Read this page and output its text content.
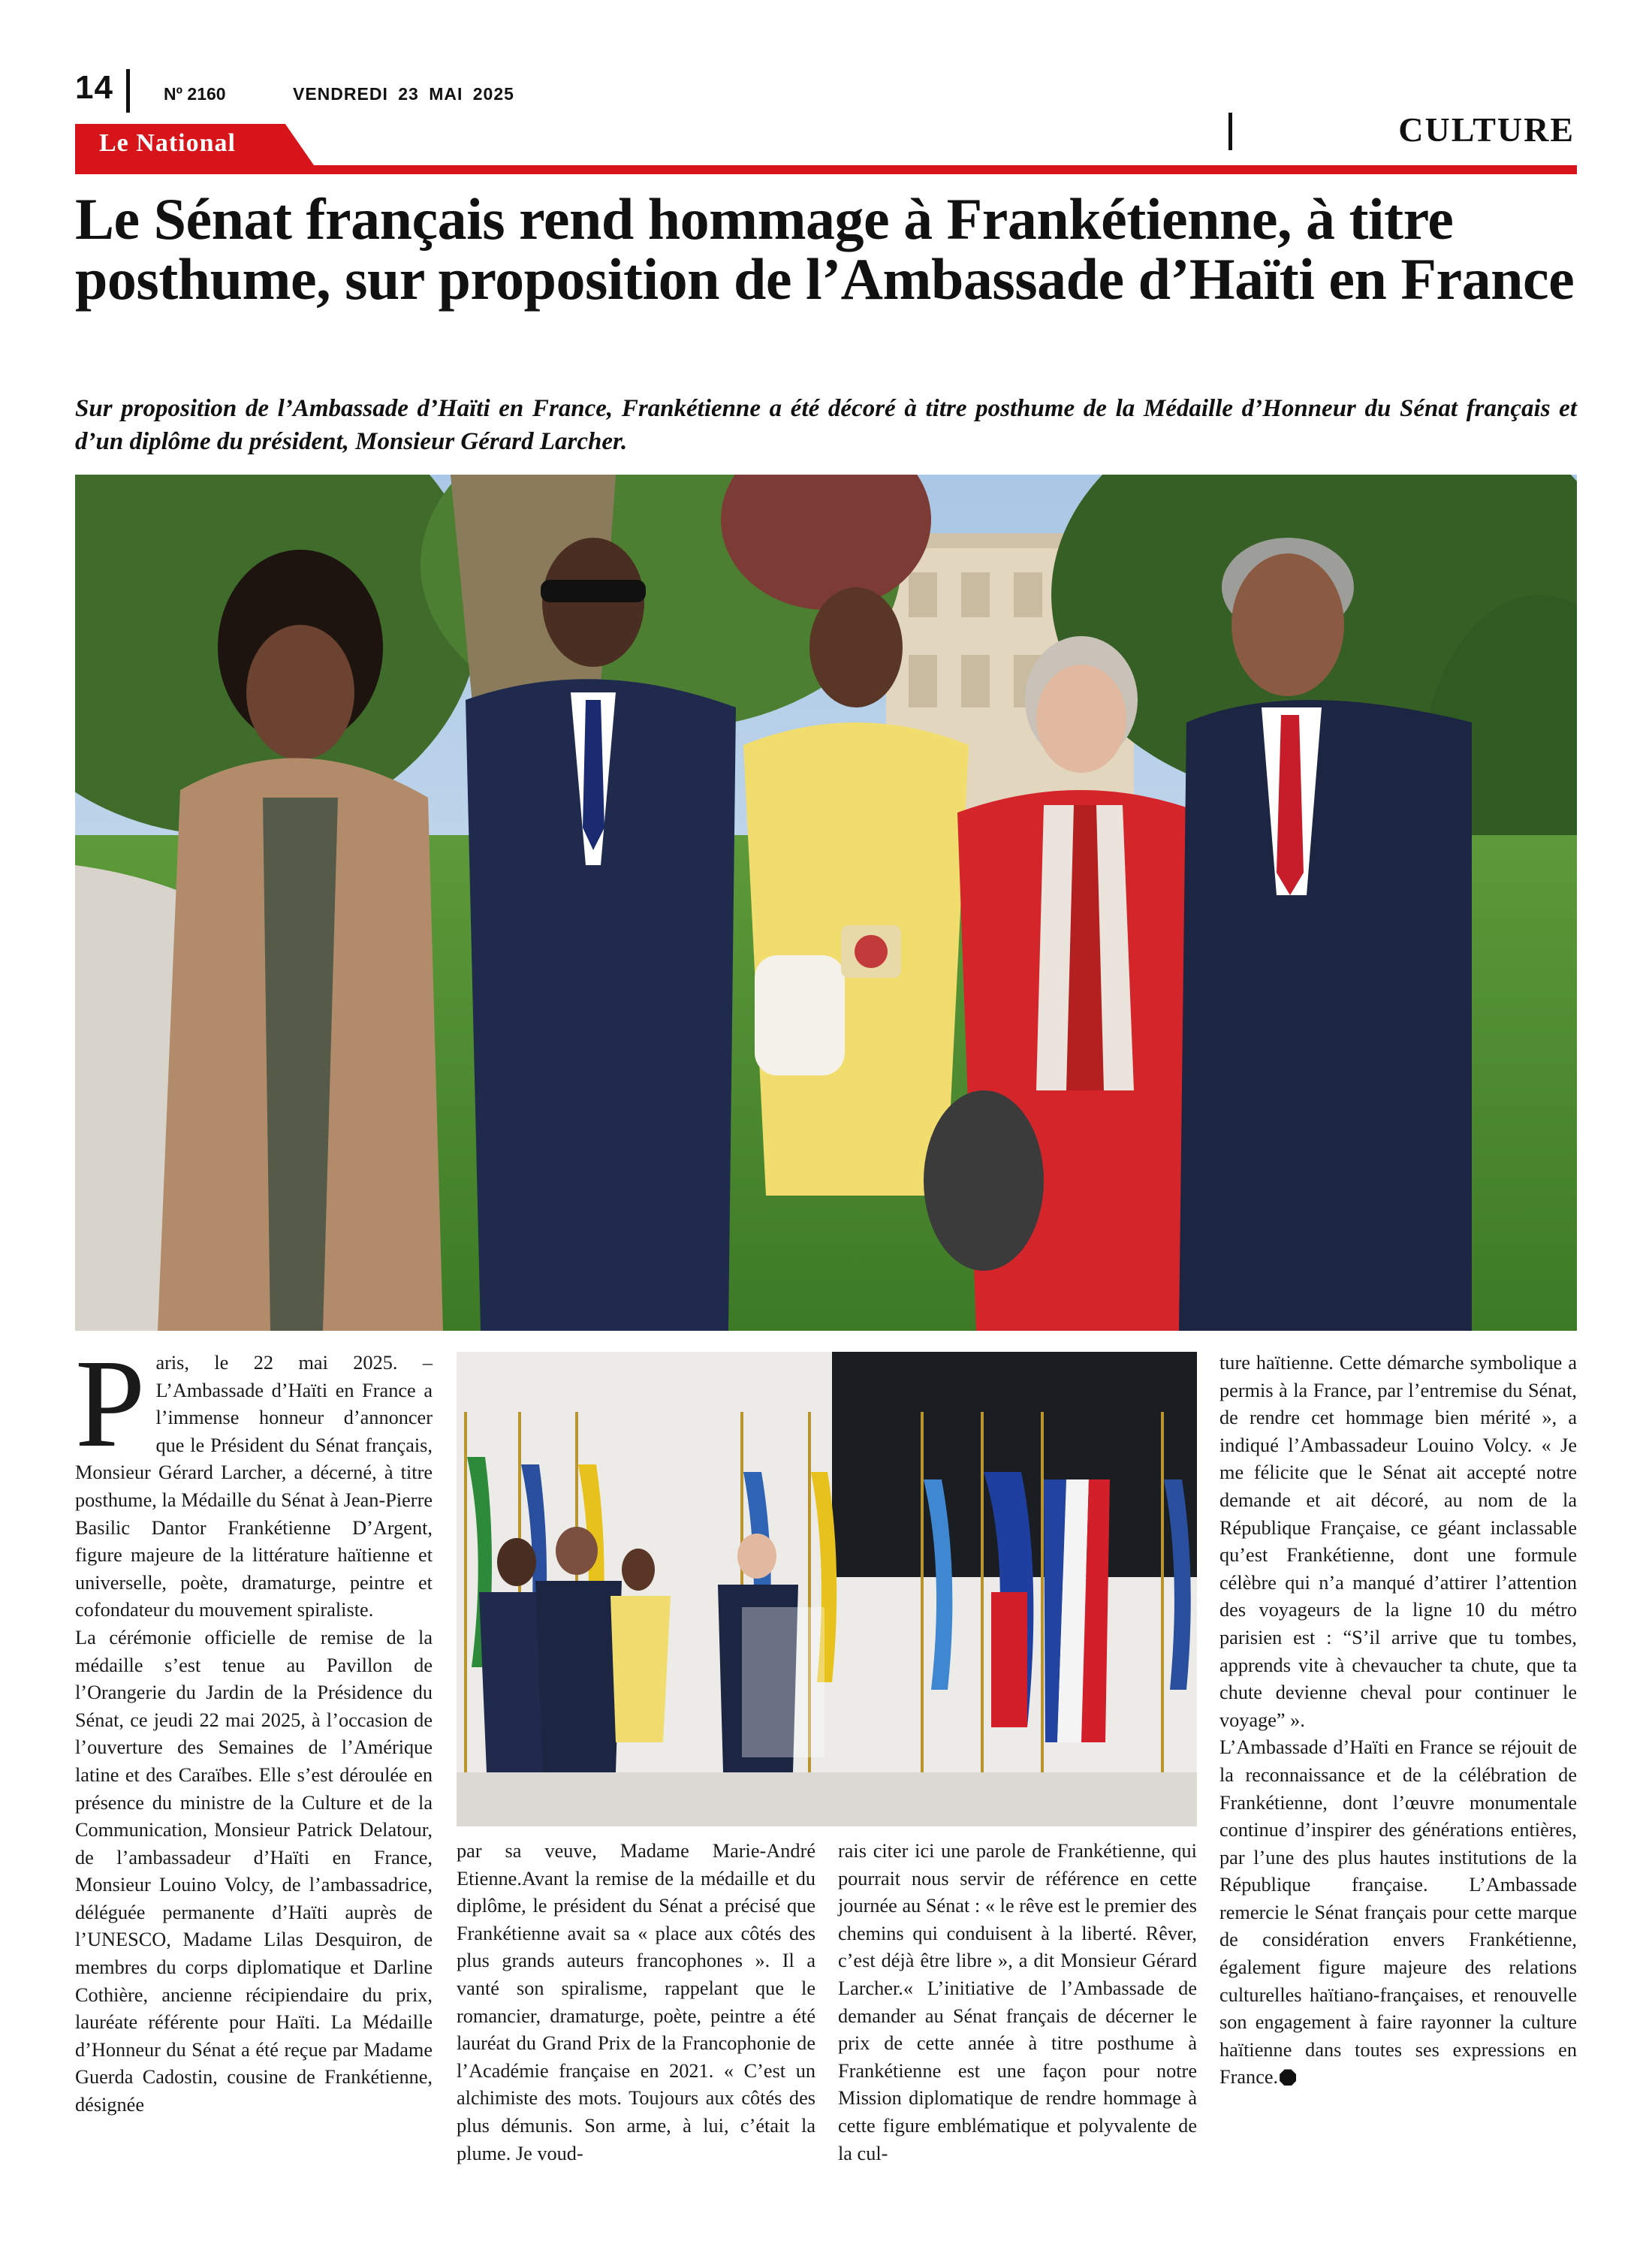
14	Nº 2160	VENDREDI 23 MAI 2025
CULTURE
Le National
Le Sénat français rend hommage à Frankétienne, à titre posthume, sur proposition de l’Ambassade d’Haïti en France
Sur proposition de l’Ambassade d’Haïti en France, Frankétienne a été décoré à titre posthume de la Médaille d’Honneur du Sénat français et d’un diplôme du président, Monsieur Gérard Larcher.

Paris, le 22 mai 2025. – L’Ambassade d’Haïti en France a l’immense honneur d’annoncer que le Président du Sénat français, Monsieur Gérard Larcher, a décerné, à titre posthume, la Médaille du Sénat à Jean-Pierre Basilic Dantor Frankétienne D’Argent, figure majeure de la littérature haïtienne et universelle, poète, dramaturge, peintre et cofondateur du mouvement spiraliste.

La cérémonie officielle de remise de la médaille s’est tenue au Pavillon de l’Orangerie du Jardin de la Présidence du Sénat, ce jeudi 22 mai 2025, à l’occasion de l’ouverture des Semaines de l’Amérique latine et des Caraïbes. Elle s’est déroulée en présence du ministre de la Culture et de la Communication, Monsieur Patrick Delatour, de l’ambassadeur d’Haïti en France, Monsieur Louino Volcy, de l’ambassadrice, déléguée permanente d’Haïti auprès de l’UNESCO, Madame Lilas Desquiron, de membres du corps diplomatique et Darline Cothière, ancienne récipiendaire du prix, lauréate référente pour Haïti. La Médaille d’Honneur du Sénat a été reçue par Madame Guerda Cadostin, cousine de Frankétienne, désignée

par sa veuve, Madame Marie-André Etienne.Avant la remise de la médaille et du diplôme, le président du Sénat a précisé que Frankétienne avait sa « place aux côtés des plus grands auteurs francophones ». Il a vanté son spiralisme, rappelant que le romancier, dramaturge, poète, peintre a été lauréat du Grand Prix de la Francophonie de l’Académie française en 2021. « C’est un alchimiste des mots. Toujours aux côtés des plus démunis. Son arme, à lui, c’était la plume. Je voud-

rais citer ici une parole de Frankétienne, qui pourrait nous servir de référence en cette journée au Sénat : « le rêve est le premier des chemins qui conduisent à la liberté. Rêver, c’est déjà être libre », a dit Monsieur Gérard Larcher.« L’initiative de l’Ambassade de demander au Sénat français de décerner le prix de cette année à titre posthume à Frankétienne est une façon pour notre Mission diplomatique de rendre hommage à cette figure emblématique et polyvalente de la cul-

ture haïtienne. Cette démarche symbolique a permis à la France, par l’entremise du Sénat, de rendre cet hommage bien mérité », a indiqué l’Ambassadeur Louino Volcy. « Je me félicite que le Sénat ait accepté notre demande et ait décoré, au nom de la République Française, ce géant inclassable qu’est Frankétienne, dont une formule célèbre qui n’a manqué d’attirer l’attention des voyageurs de la ligne 10 du métro parisien est : “S’il arrive que tu tombes, apprends vite à chevaucher ta chute, que ta chute devienne cheval pour continuer le voyage” ».

L’Ambassade d’Haïti en France se réjouit de la reconnaissance et de la célébration de Frankétienne, dont l’œuvre monumentale continue d’inspirer des générations entières, par l’une des plus hautes institutions de la République française. L’Ambassade remercie le Sénat français pour cette marque de considération envers Frankétienne, également figure majeure des relations culturelles haïtiano-françaises, et renouvelle son engagement à faire rayonner la culture haïtienne dans toutes ses expressions en France.
